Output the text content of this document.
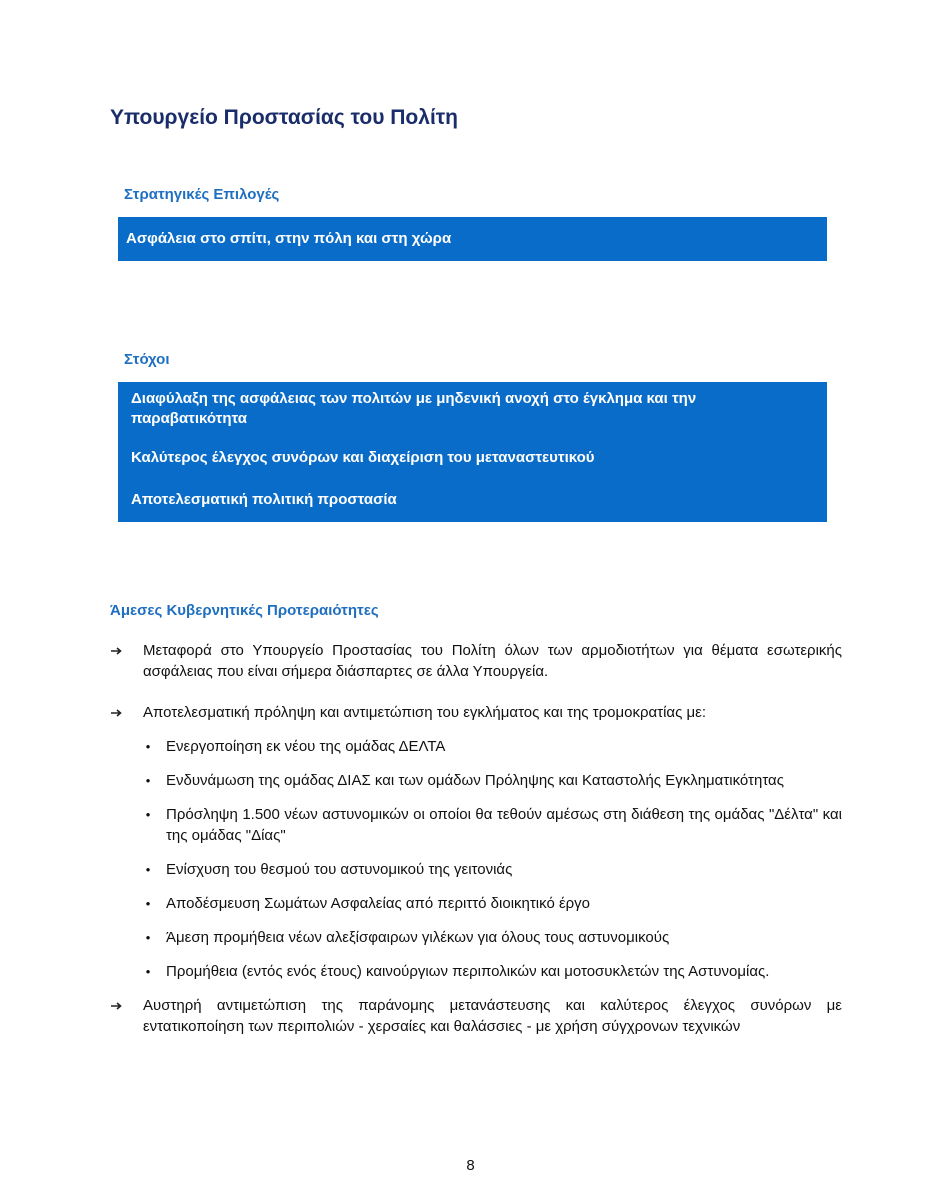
Υπουργείο Προστασίας του Πολίτη
Στρατηγικές Επιλογές
Ασφάλεια στο σπίτι, στην πόλη και στη χώρα
Στόχοι
Διαφύλαξη της ασφάλειας των πολιτών με μηδενική ανοχή στο έγκλημα και την παραβατικότητα
Καλύτερος έλεγχος συνόρων και διαχείριση του μεταναστευτικού
Αποτελεσματική πολιτική προστασία
Άμεσες Κυβερνητικές Προτεραιότητες
Μεταφορά στο Υπουργείο Προστασίας του Πολίτη όλων των αρμοδιοτήτων για θέματα εσωτερικής ασφάλειας που είναι σήμερα διάσπαρτες σε άλλα Υπουργεία.
Αποτελεσματική πρόληψη και αντιμετώπιση του εγκλήματος και της τρομοκρατίας με:
• Ενεργοποίηση εκ νέου της ομάδας ΔΕΛΤΑ
• Ενδυνάμωση της ομάδας ΔΙΑΣ και των ομάδων Πρόληψης και Καταστολής Εγκληματικότητας
• Πρόσληψη 1.500 νέων αστυνομικών οι οποίοι θα τεθούν αμέσως στη διάθεση της ομάδας "Δέλτα" και της ομάδας "Δίας"
• Ενίσχυση του θεσμού του αστυνομικού της γειτονιάς
• Αποδέσμευση Σωμάτων Ασφαλείας από περιττό διοικητικό έργο
• Άμεση προμήθεια νέων αλεξίσφαιρων γιλέκων για όλους τους αστυνομικούς
• Προμήθεια (εντός ενός έτους) καινούργιων περιπολικών και μοτοσυκλετών της Αστυνομίας.
Αυστηρή αντιμετώπιση της παράνομης μετανάστευσης και καλύτερος έλεγχος συνόρων με εντατικοποίηση των περιπολιών - χερσαίες και θαλάσσιες - με χρήση σύγχρονων τεχνικών
8
